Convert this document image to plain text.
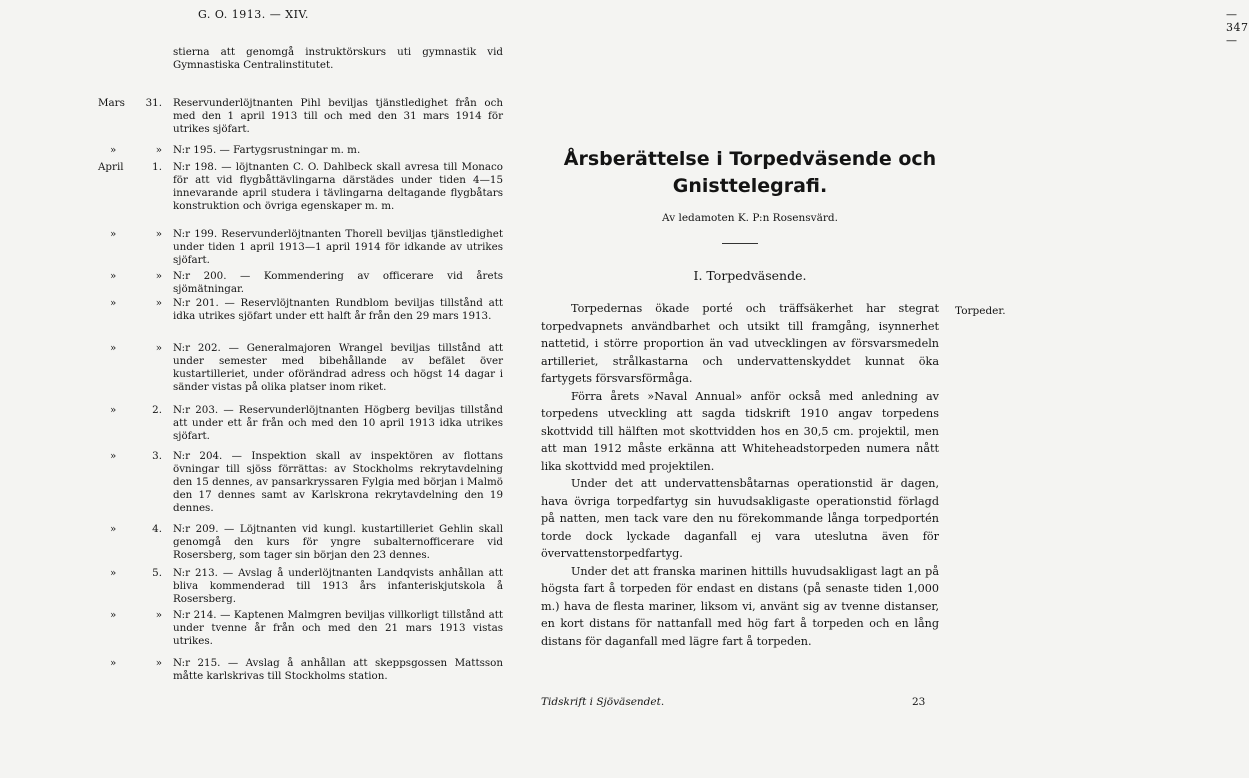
G. O. 1913. — XIV.
stierna att genomgå instruktörskurs uti gymnastik vid Gymnastiska Centralinstitutet.
Mars	31. Reservunderlöjtnanten Pihl beviljas tjänstledighet från och med den 1 april 1913 till och med den 31 mars 1914 för utrikes sjöfart.
»	» N:r 195. — Fartygsrustningar m. m.
April	1. N:r 198. — löjtnanten C. O. Dahlbeck skall avresa till Monaco för att vid flygbåttävlingarna därstädes under tiden 4—15 innevarande april studera i tävlingarna deltagande flygbåtars konstruktion och övriga egenskaper m. m.
»	» N:r 199. Reservunderlöjtnanten Thorell beviljas tjänstledighet under tiden 1 april 1913—1 april 1914 för idkande av utrikes sjöfart.
»	» N:r 200. — Kommendering av officerare vid årets sjömätningar.
»	» N:r 201. — Reservlöjtnanten Rundblom beviljas tillstånd att idka utrikes sjöfart under ett halft år från den 29 mars 1913.
»	» N:r 202. — Generalmajoren Wrangel beviljas tillstånd att under semester med bibehållande av befälet över kustartilleriet, under oförändrad adress och högst 14 dagar i sänder vistas på olika platser inom riket.
»	2. N:r 203. — Reservunderlöjtnanten Högberg beviljas tillstånd att under ett år från och med den 10 april 1913 idka utrikes sjöfart.
»	3. N:r 204. — Inspektion skall av inspektören av flottans övningar till sjöss förrättas: av Stockholms rekrytavdelning den 15 dennes, av pansarkryssaren Fylgia med början i Malmö den 17 dennes samt av Karlskrona rekrytavdelning den 19 dennes.
»	4. N:r 209. — Löjtnanten vid kungl. kustartilleriet Gehlin skall genomgå den kurs för yngre subalternofficerare vid Rosersberg, som tager sin början den 23 dennes.
»	5. N:r 213. — Avslag å underlöjtnanten Landqvists anhållan att bliva kommenderad till 1913 års infanteriskjutskola å Rosersberg.
»	» N:r 214. — Kaptenen Malmgren beviljas villkorligt tillstånd att under tvenne år från och med den 21 mars 1913 vistas utrikes.
»	» N:r 215. — Avslag å anhållan att skeppsgossen Mattsson måtte karlskrivas till Stockholms station.
— 347 —
Årsberättelse i Torpedväsende och
Gnisttelegrafi.
Av ledamoten K. P:n Rosensvärd.
I. Torpedväsende.
Torpeder.

Torpedernas ökade porté och träffsäkerhet har stegrat torpedvapnets användbarhet och utsikt till framgång, isynnerhet nattetid, i större proportion än vad utvecklingen av försvarsmedeln artilleriet, strålkastarna och undervattenskyddet kunnat öka fartygets försvarsförmåga.

Förra årets »Naval Annual» anför också med anledning av torpedens utveckling att sagda tidskrift 1910 angav torpedens skottvidd till hälften mot skottvidden hos en 30,5 cm. projektil, men att man 1912 måste erkänna att Whiteheadstorpeden numera nått lika skottvidd med projektilen.

Under det att undervattensbåtarnas operationstid är dagen, hava övriga torpedfartyg sin huvudsakligaste operationstid förlagd på natten, men tack vare den nu förekommande långa torpedportén torde dock lyckade daganfall ej vara uteslutna även för övervattenstorpedfartyg.

Under det att franska marinen hittills huvudsakligast lagt an på högsta fart å torpeden för endast en distans (på senaste tiden 1,000 m.) hava de flesta mariner, liksom vi, använt sig av tvenne distanser, en kort distans för nattanfall med hög fart å torpeden och en lång distans för daganfall med lägre fart å torpeden.

Tidskrift i Sjöväsendet.	23
